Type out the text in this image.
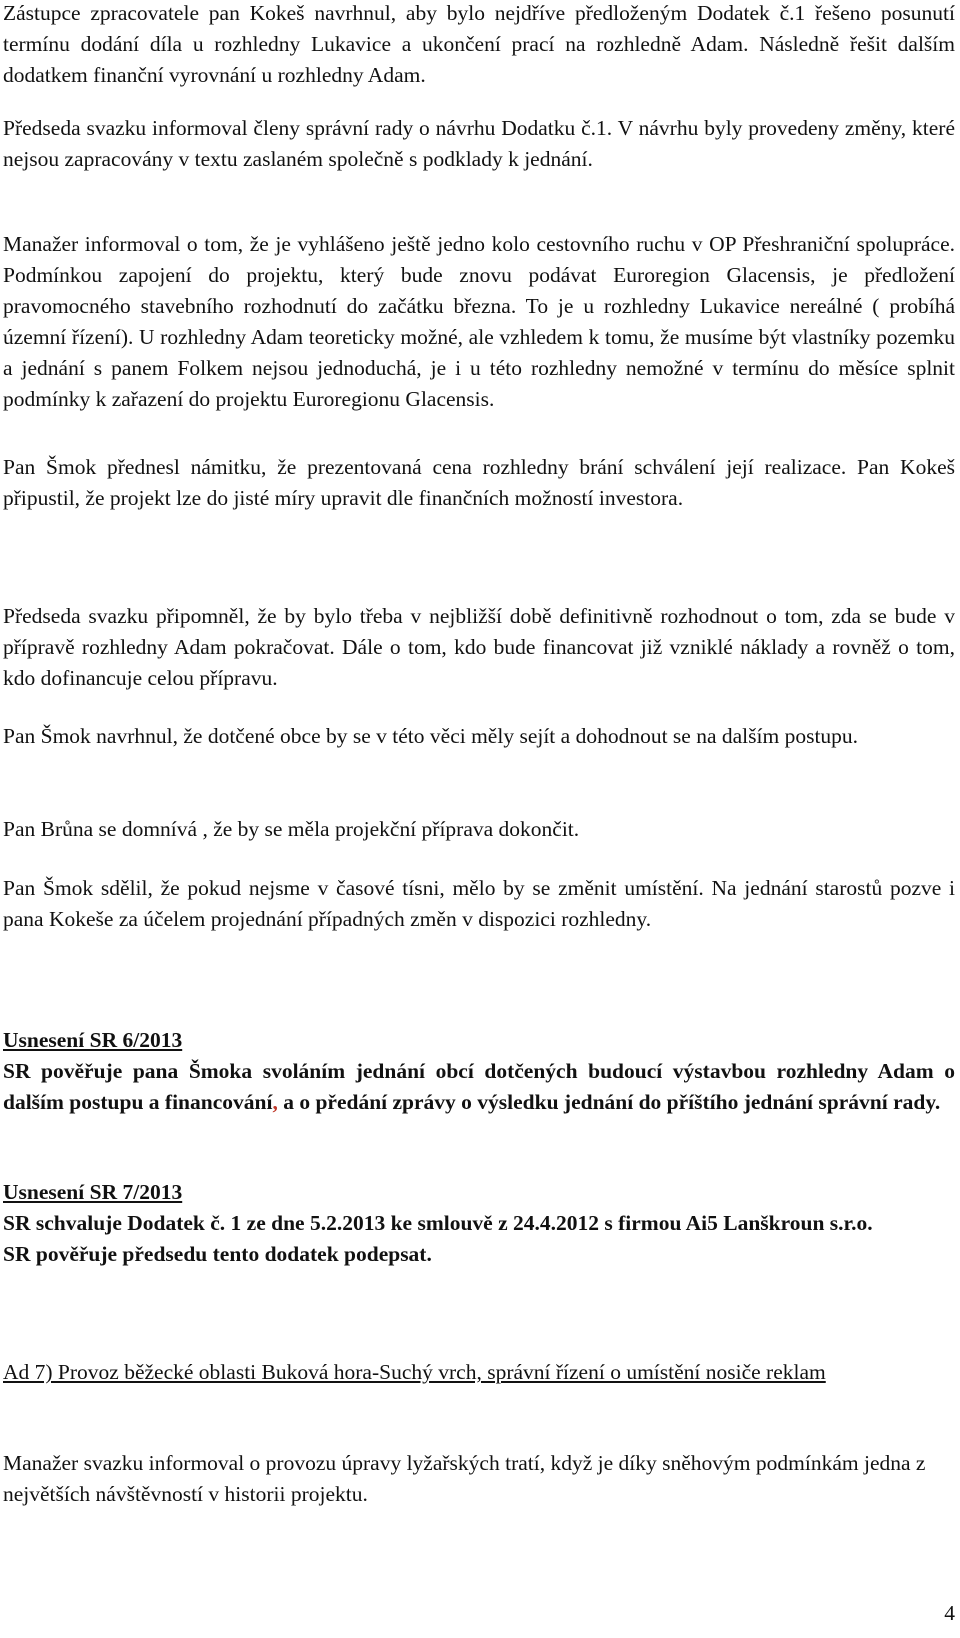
Zástupce zpracovatele pan Kokeš navrhnul, aby bylo nejdříve předloženým Dodatek č.1 řešeno posunutí termínu dodání díla u rozhledny Lukavice a ukončení prací na rozhledně Adam. Následně řešit dalším dodatkem finanční vyrovnání u rozhledny Adam.

Předseda svazku informoval členy správní rady o návrhu Dodatku č.1. V návrhu byly provedeny změny, které nejsou zapracovány v textu zaslaném společně s podklady k jednání.

Manažer informoval o tom, že je vyhlášeno ještě jedno kolo cestovního ruchu v OP Přeshraniční spolupráce. Podmínkou zapojení do projektu, který bude znovu podávat Euroregion Glacensis, je předložení pravomocného stavebního rozhodnutí do začátku března. To je u rozhledny Lukavice nereálné ( probíhá územní řízení). U rozhledny Adam teoreticky možné, ale vzhledem k tomu, že musíme být vlastníky pozemku a jednání s panem Folkem nejsou jednoduchá, je i u této rozhledny nemožné v termínu do měsíce splnit podmínky k zařazení do projektu Euroregionu Glacensis.

Pan Šmok přednesl námitku, že prezentovaná cena rozhledny brání schválení její realizace. Pan Kokeš připustil, že projekt lze do jisté míry upravit dle finančních možností investora.

Předseda svazku připomněl, že by bylo třeba v nejbližší době definitivně rozhodnout o tom, zda se bude v přípravě rozhledny Adam pokračovat. Dále o tom, kdo bude financovat již vzniklé náklady a rovněž o tom, kdo dofinancuje celou přípravu.

Pan Šmok navrhnul, že dotčené obce by se v této věci měly sejít a dohodnout se na dalším postupu.

Pan Brůna se domnívá , že by se měla projekční příprava dokončit.

Pan Šmok sdělil, že pokud nejsme v časové tísni, mělo by se změnit umístění. Na jednání starostů pozve i pana Kokeše za účelem projednání případných změn v dispozici rozhledny.

Usnesení SR 6/2013
SR pověřuje pana Šmoka svoláním jednání obcí dotčených budoucí výstavbou rozhledny Adam o dalším postupu a financování, a o předání zprávy o výsledku jednání do příštího jednání správní rady.
Usnesení SR 7/2013
SR schvaluje Dodatek č. 1 ze dne 5.2.2013 ke smlouvě z 24.4.2012 s firmou Ai5 Lanškroun s.r.o.
SR pověřuje předsedu tento dodatek podepsat.

Ad 7) Provoz běžecké oblasti Buková hora-Suchý vrch, správní řízení o umístění nosiče reklam

Manažer svazku informoval o provozu úpravy lyžařských tratí, když je díky sněhovým podmínkám jedna z největších návštěvností v historii projektu.

4
